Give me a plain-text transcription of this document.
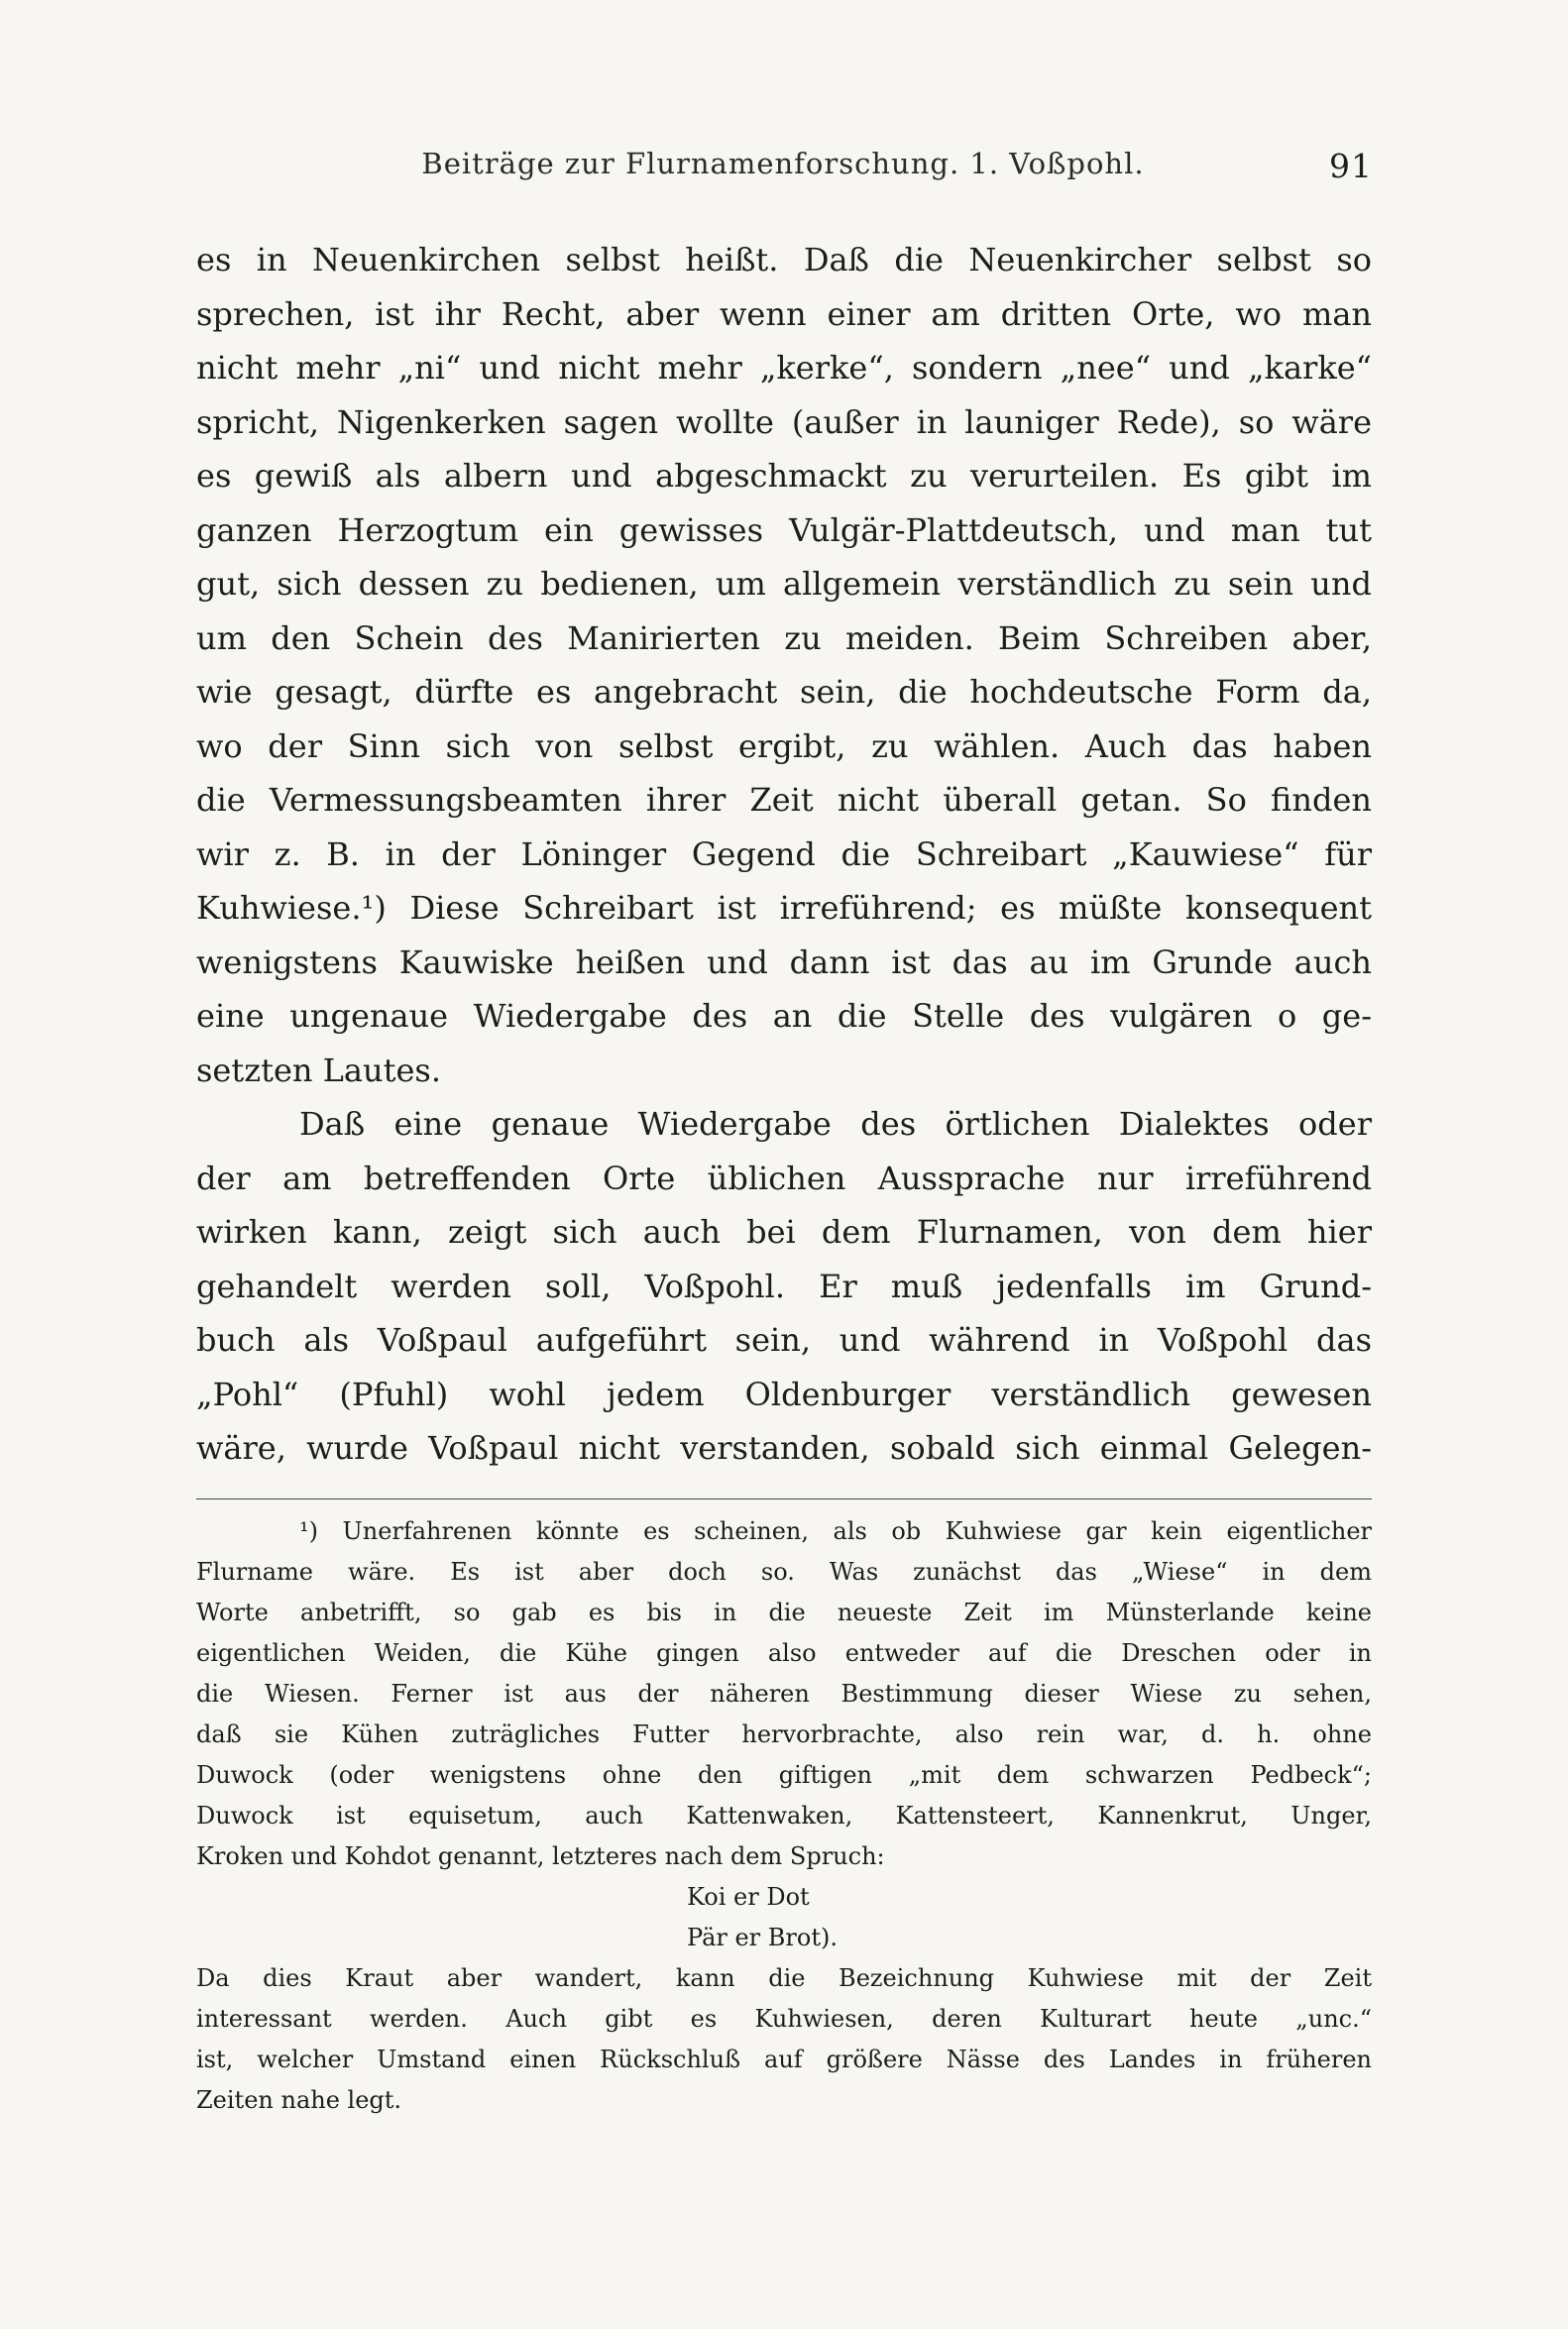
Beiträge zur Flurnamenforschung. 1. Voßpohl.	91
es in Neuenkirchen selbst heißt. Daß die Neuenkircher selbst so
sprechen, ist ihr Recht, aber wenn einer am dritten Orte, wo man
nicht mehr „ni“ und nicht mehr „kerke“, sondern „nee“ und „karke“
spricht, Nigenkerken sagen wollte (außer in launiger Rede), so wäre
es gewiß als albern und abgeschmackt zu verurteilen. Es gibt im
ganzen Herzogtum ein gewisses Vulgär-Plattdeutsch, und man tut
gut, sich dessen zu bedienen, um allgemein verständlich zu sein und
um den Schein des Manirierten zu meiden. Beim Schreiben aber,
wie gesagt, dürfte es angebracht sein, die hochdeutsche Form da,
wo der Sinn sich von selbst ergibt, zu wählen. Auch das haben
die Vermessungsbeamten ihrer Zeit nicht überall getan. So finden
wir z. B. in der Löninger Gegend die Schreibart „Kauwiese“ für
Kuhwiese.¹) Diese Schreibart ist irreführend; es müßte konsequent
wenigstens Kauwiske heißen und dann ist das au im Grunde auch
eine ungenaue Wiedergabe des an die Stelle des vulgären o ge-
setzten Lautes.
Daß eine genaue Wiedergabe des örtlichen Dialektes oder
der am betreffenden Orte üblichen Aussprache nur irreführend
wirken kann, zeigt sich auch bei dem Flurnamen, von dem hier
gehandelt werden soll, Voßpohl. Er muß jedenfalls im Grund-
buch als Voßpaul aufgeführt sein, und während in Voßpohl das
„Pohl“ (Pfuhl) wohl jedem Oldenburger verständlich gewesen
wäre, wurde Voßpaul nicht verstanden, sobald sich einmal Gelegen-
¹) Unerfahrenen könnte es scheinen, als ob Kuhwiese gar kein eigentlicher
Flurname wäre. Es ist aber doch so. Was zunächst das „Wiese“ in dem
Worte anbetrifft, so gab es bis in die neueste Zeit im Münsterlande keine
eigentlichen Weiden, die Kühe gingen also entweder auf die Dreschen oder in
die Wiesen. Ferner ist aus der näheren Bestimmung dieser Wiese zu sehen,
daß sie Kühen zuträgliches Futter hervorbrachte, also rein war, d. h. ohne
Duwock (oder wenigstens ohne den giftigen „mit dem schwarzen Pedbeck“;
Duwock ist equisetum, auch Kattenwaken, Kattensteert, Kannenkrut, Unger,
Kroken und Kohdot genannt, letzteres nach dem Spruch:
Koi er Dot
Pär er Brot).
Da dies Kraut aber wandert, kann die Bezeichnung Kuhwiese mit der Zeit
interessant werden. Auch gibt es Kuhwiesen, deren Kulturart heute „unc.“
ist, welcher Umstand einen Rückschluß auf größere Nässe des Landes in früheren
Zeiten nahe legt.
